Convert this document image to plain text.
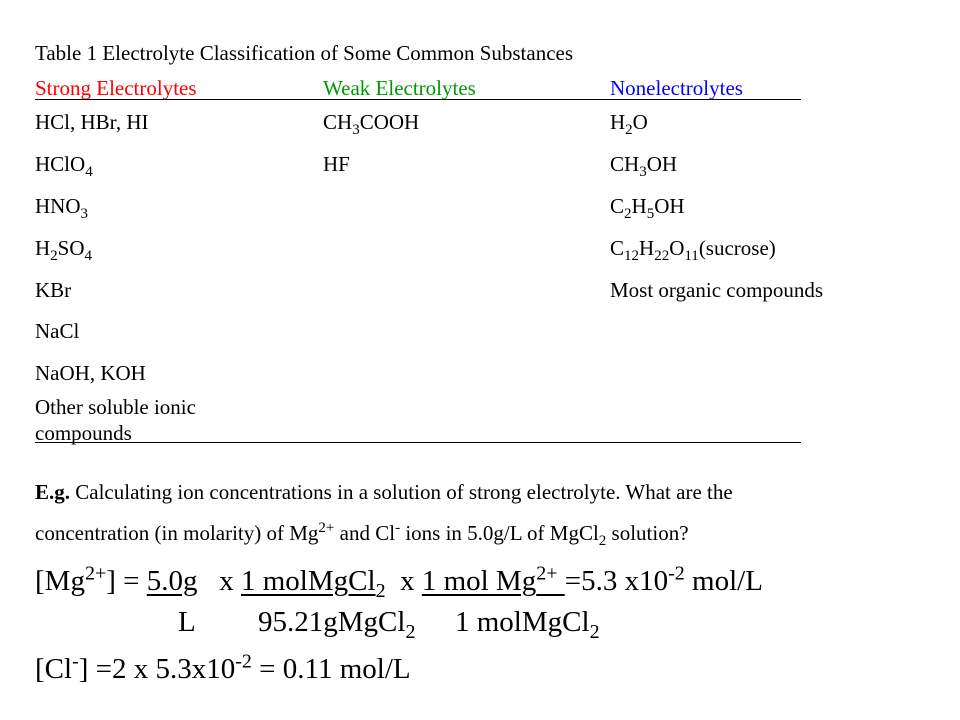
Table 1 Electrolyte Classification of Some Common Substances
Strong Electrolytes	Weak Electrolytes	Nonelectrolytes
HCl, HBr, HI
HClO$_4$
$HNO_3$
$H_2SO_4$
KBr
NaCl
NaOH, KOH
Other soluble ionic compounds
$CH_3COOH$
HF
$H_2O$
$CH_3OH$
$C_2H_5OH$
$C_{12}H_{22}O_{11}(sucrose)$
Most organic compounds
E.g. Calculating ion concentrations in a solution of strong electrolyte. What are the
concentration (in molarity) of $Mg^{2+}$ and Cl- ions in 5.0g/L of MgCl$_2$ solution?
$[Mg^{2+}] = 5.0g$   x 1 molMgCl$_2$  x 1 mol $Mg^{2+} =5.3$ $x10^{-2}$ mol/L
L 95.21gMgCl$_2$ 1 molMgCl$_2$
[Cl-] =2 x $5.3x10^{-2} = 0.11$ mol/L
